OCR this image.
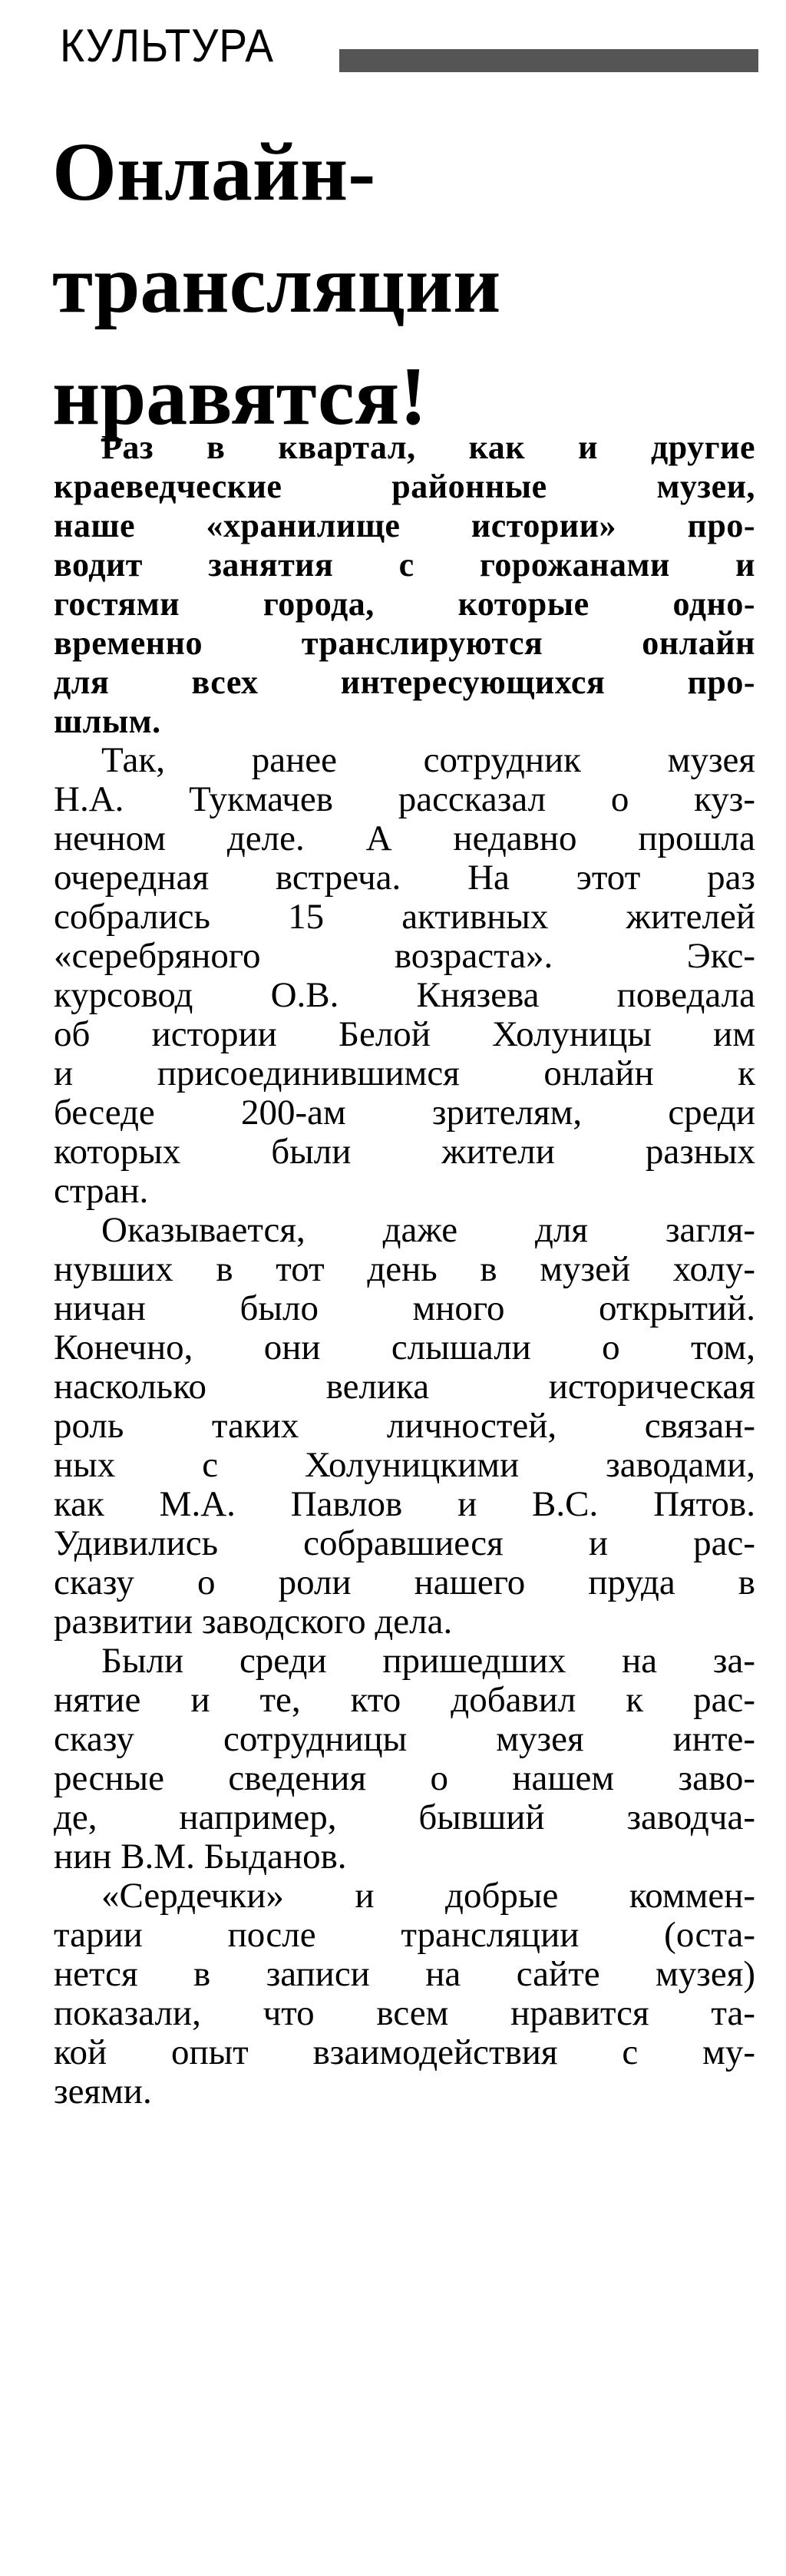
КУЛЬТУРА
Онлайн-
трансляции
нравятся!
Раз в квартал, как и другие
краеведческие районные музеи,
наше «хранилище истории» про-
водит занятия с горожанами и
гостями города, которые одно-
временно транслируются онлайн
для всех интересующихся про-
шлым.
Так, ранее сотрудник музея
Н.А. Тукмачев рассказал о куз-
нечном деле. А недавно прошла
очередная встреча. На этот раз
собрались 15 активных жителей
«серебряного возраста». Экс-
курсовод О.В. Князева поведала
об истории Белой Холуницы им
и присоединившимся онлайн к
беседе 200-ам зрителям, среди
которых были жители разных
стран.
Оказывается, даже для загля-
нувших в тот день в музей холу-
ничан было много открытий.
Конечно, они слышали о том,
насколько велика историческая
роль таких личностей, связан-
ных с Холуницкими заводами,
как М.А. Павлов и В.С. Пятов.
Удивились собравшиеся и рас-
сказу о роли нашего пруда в
развитии заводского дела.
Были среди пришедших на за-
нятие и те, кто добавил к рас-
сказу сотрудницы музея инте-
ресные сведения о нашем заво-
де, например, бывший заводча-
нин В.М. Быданов.
«Сердечки» и добрые коммен-
тарии после трансляции (оста-
нется в записи на сайте музея)
показали, что всем нравится та-
кой опыт взаимодействия с му-
зеями.
